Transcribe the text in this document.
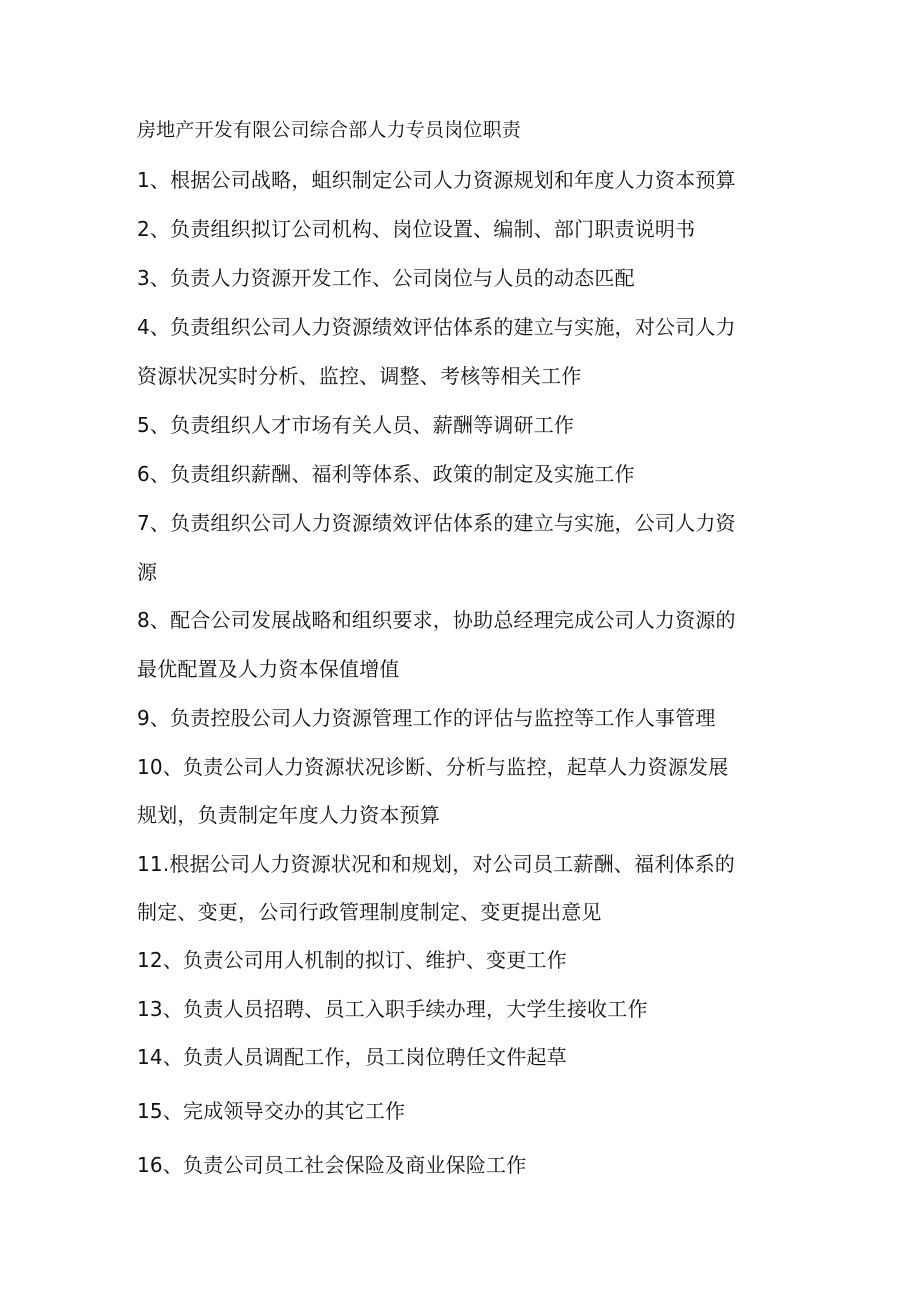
房地产开发有限公司综合部人力专员岗位职责
1、根据公司战略，蛆织制定公司人力资源规划和年度人力资本预算
2、负责组织拟订公司机构、岗位设置、编制、部门职责说明书
3、负责人力资源开发工作、公司岗位与人员的动态匹配
4、负责组织公司人力资源绩效评估体系的建立与实施，对公司人力
资源状况实时分析、监控、调整、考核等相关工作
5、负责组织人才市场有关人员、薪酬等调研工作
6、负责组织薪酬、福利等体系、政策的制定及实施工作
7、负责组织公司人力资源绩效评估体系的建立与实施，公司人力资
源
8、配合公司发展战略和组织要求，协助总经理完成公司人力资源的
最优配置及人力资本保值增值
9、负责控股公司人力资源管理工作的评估与监控等工作人事管理
10、负责公司人力资源状况诊断、分析与监控，起草人力资源发展
规划，负责制定年度人力资本预算
11.根据公司人力资源状况和和规划，对公司员工薪酬、福利体系的
制定、变更，公司行政管理制度制定、变更提出意见
12、负责公司用人机制的拟订、维护、变更工作
13、负责人员招聘、员工入职手续办理，大学生接收工作
14、负责人员调配工作，员工岗位聘任文件起草
15、完成领导交办的其它工作
16、负责公司员工社会保险及商业保险工作
